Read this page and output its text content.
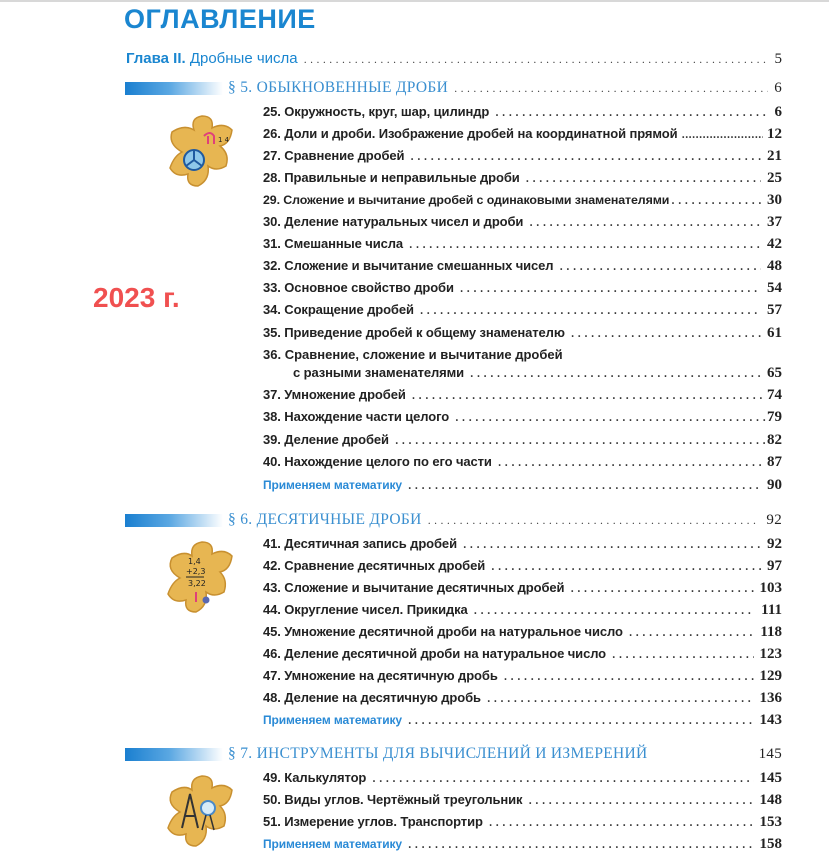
ОГЛАВЛЕНИЕ
Глава II.
Дробные числа .....	5
2023 г.
§ 5. ОБЫКНОВЕННЫЕ ДРОБИ .....	6
1 4
25. Окружность, круг, шар, цилиндр .....	6
26. Доли и дроби. Изображение дробей на координатной прямой .....	12
27. Сравнение дробей .....	21
28. Правильные и неправильные дроби .....	25
29. Сложение и вычитание дробей с одинаковыми знаменателями .....	30
30. Деление натуральных чисел и дроби .....	37
31. Смешанные числа .....	42
32. Сложение и вычитание смешанных чисел .....	48
33. Основное свойство дроби .....	54
34. Сокращение дробей .....	57
35. Приведение дробей к общему знаменателю .....	61
36. Сравнение, сложение и вычитание дробей
с разными знаменателями .....	65
37. Умножение дробей .....	74
38. Нахождение части целого .....	79
39. Деление дробей .....	82
40. Нахождение целого по его части .....	87
Применяем математику .....	90
§ 6. ДЕСЯТИЧНЫЕ ДРОБИ .....	92
1,4
+2,3
3,22
41. Десятичная запись дробей .....	92
42. Сравнение десятичных дробей .....	97
43. Сложение и вычитание десятичных дробей .....	103
44. Округление чисел. Прикидка .....	111
45. Умножение десятичной дроби на натуральное число .....	118
46. Деление десятичной дроби на натуральное число .....	123
47. Умножение на десятичную дробь .....	129
48. Деление на десятичную дробь .....	136
Применяем математику .....	143
§ 7. ИНСТРУМЕНТЫ ДЛЯ ВЫЧИСЛЕНИЙ И ИЗМЕРЕНИЙ	145
49. Калькулятор .....	145
50. Виды углов. Чертёжный треугольник .....	148
51. Измерение углов. Транспортир .....	153
Применяем математику .....	158
